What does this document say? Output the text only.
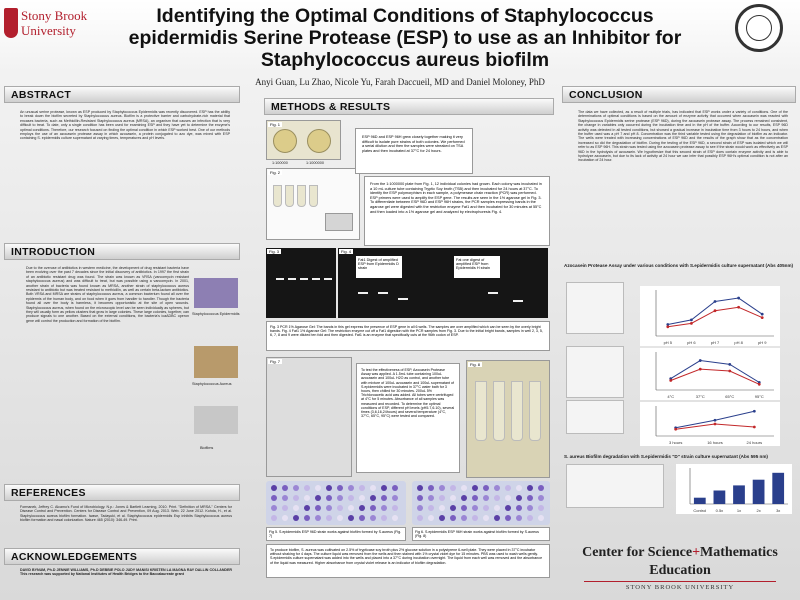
Stony Brook
University
Identifying the Optimal Conditions of Staphylococcus epidermidis Serine Protease (ESP) to use as an Inhibitor for Staphylococcus aureus biofilm
Anyi Guan, Lu Zhao, Nicole Yu, Farah Daccueil, MD and Daniel Moloney, PhD
ABSTRACT
An unusual serine protease, known as ESP produced by Staphylococcus Epidermidis was recently discovered. ESP has the ability to break down the biofilm secreted by Staphylococcus aureus. Biofilm is a protective barrier and carbohydrate-rich material that encases bacteria, such as Methicillin-Resistant Staphylococcus aureus (MRSA), an organism that causes an infection that is very difficult to treat. To date, only a single condition has been used for examining ESP and they have yet to determine the enzyme's optimal conditions. Therefore, our research focused on finding the optimal condition in which ESP worked best. One of our methods employs the use of an azocasein protease assay in which azocasein, a protein conjugated to azo dye, was mixed with ESP containing S. epidermidis culture supernatant at varying times, temperatures and pH levels.
INTRODUCTION
Due to the overuse of antibiotics in western medicine, the development of drug resistant bacteria have been evolving over the past 7 decades since the initial discovery of antibiotics. In 1997 the first strain of an antibiotic resistant drug was found. The strain was known as VRSA (vancomycin resistant staphylococcus aureus) and was difficult to treat, but was possible using a vancomycin. In 2001, another strain of bacteria was found known as MRSA, another strain of staphylococcus aureus resistant to antibiotic but was treated resistant to methicillin, as well as certain beta-lactam antibiotics. Both VRSA and MRSA are strains of staphylococcus aureus, a common bacterium found all over the epidermis of the human body, and on food when it goes from handler to handler. Though the bacteria found all over the body is harmless, it becomes opportunistic at the site of open wounds. Staphylococcus aureus, when found on the microscopic level can be seen individually as spheres, but they will usually form as yellow clusters that grow in large colonies. These large colonies, together, can produce signals to one another. Based on the external conditions, the bacteria's icaADBC operon gene will control the production and formation of the biofilm.
Staphylococcus Epidermidis
Staphylococcus Aureus
Biofilms
REFERENCES
Formanek, Jeffrey C. Alcamo's Fund of Microbiology. N.p.: Jones & Bartlett Learning, 2010. Print. "Definition of MRSA." Centers for Disease Control and Prevention. Centers for Disease Control and Prevention, 09 Aug. 2013. Web. 22 June 2012. Kohda, H., et al. Staphylococcus aureus biofilm formation. Iwase, Tadayuki, et al. Staphylococcus epidermidis Esp inhibits Staphylococcus aureus biofilm formation and nasal colonization. Nature 465 (2010): 346-49. Print.
ACKNOWLEDGEMENTS
DAVID BYNUM, Ph.D JENNIE WILLIAMS, Ph.D DEBBIE POLO JUDY MANISI KRISTEN LA MAGNA RAY DALLIN COLLANDER This research was supported by National Institutes of Health Bridges to the Baccalaureate grant
METHODS & RESULTS
Fig. 1
1:100000	1:1000000
Fig. 2
ESP 96D and ESP 96H grew closely together making it very difficult to isolate pure strains of both colonies. We performed a serial dilution and then the samples were streaked on TSA plates and then incubated at 37°C for 24 hours.
From the 1:1000000 plate from Fig. 1, 12 individual colonies had grown. Each colony was incubated in a 10 mL culture tube containing Tryptic Soy broth (TSB) and then incubated for 24 hours at 37°C. To identify the ESP polymorphism in each sample, a polymerase chain reaction (PCR) was performed. ESP primers were used to amplify the ESP gene. The results are seen in the 1% agarose gel in Fig. 3. To differentiate between ESP 96D and ESP 96H strains, the PCR samples expressing bands in the agarose gel were digested with the restriction enzyme Fat1 and then incubated for 30 minutes at 55°C and then loaded into a 1% agarose gel and analyzed by electrophoresis Fig. 4.
Fig. 3	Fig. 4
Fat1 Digest of amplified ESP from Epidermidis D strain
Fat one digest of amplified ESP from Epidermidis H strain
Fig. 3 PCR 1% Agarose Gel: The bands in this gel express the presence of ESP gene in all 6 wells. The samples are over amplified which can be seen by the overly bright bands. Fig. 4 Fat1 1% Agarose Gel: The restriction enzyme cut off a Fat1 digestion with the PCR samples from Fig. 3. Due to the initial bright bands, samples in well 2, 3, 5, 6, 7, 8 and 9 were diluted ten fold and then digested. Fat1 is an enzyme that specifically cuts at the 96th codon of ESP.
Fig. 7
To test the effectiveness of ESP, Azocasein Protease Assay was applied. A 1.5mL tube containing 100uL azocasein and 100uL H2O as control, and another tube with mixture of 100uL azocasein and 100uL supernatant of S.epidermidis were incubated in 37°C water bath for 3 hours, then chilled for 30 minutes. 200uL 5% Trichloroacetic acid was added. All tubes were centrifuged at 4°C for 5 minutes. Absorbance of all samples was measured and recorded. To determine the optimal conditions of ESP, different pH levels (pH5.7,6.10), several times (3,6,16,24hours) and several temperature (4°C, 37°C, 65°C, 95°C) were tested and compared.
Fig. 8
Fig 5. S.epidermidis ESP 96D strain works against biofilm formed by S.aureus (Fig. 7)
Fig 6. S.epidermidis ESP 96H strain works against biofilm formed by S.aureus (Fig. 8)
To produce biofilm, S. aureus was cultivated on 2.5% of trypticase soy broth plus 2% glucose solution in a polystyrene 6-well plate. They were placed in 37°C incubator without shaking for 4 days. The culture liquid was removed from the wells and then stained with 1% crystal violet dye for 15 minutes. PBS was used to wash wells gently. S.epidermidis culture supernatant was added into the wells and placed into a 37°C during incubation overnight. The liquid from each well was removed and the absorbance of the liquid was measured. Higher absorbance from crystal violet release is an indicator of biofilm degradation.
CONCLUSION
The data we have collected, as a result of multiple trials, has indicated that ESP works under a variety of conditions. One of the determinations of optimal conditions is based on the amount of enzyme activity that occurred when azocasein was reacted with Staphylococcus Epidermidis serine protease (ESP 96D), during the azocasein protease assay. The process remained consistent, the change in variables only occurred during the incubation time and in the pH of the buffer. According to our results, ESP 96D activity was detected in all tested conditions, but showed a gradual increase in incubation time from 3 hours to 24 hours, and when the buffer used was a pH 7 and pH 8. Concentration was the third variable tested using the degradation of biofilm as an indicator. The wells were treated with increasing concentrations of ESP 96D and the results of the graph show that as the concentration increased so did the degradation of biofilm. During the testing of the ESP 96D, a second strain of ESP was isolated which we will refer to as ESP 96H. This strain was tested using the azocasein protease assay to see if the strain would work as effectively as ESP 96D in the hydrolysis of azocasein. We hypothesize that this second strain of ESP does contain enzyme activity and is able to hydrolyze azocasein, but due to its lack of activity at 24 hour we can infer that possibly ESP 96H's optimal condition is not after an incubation of 24 hour.
Azocasein Protease Assay under various conditions with S.epidermidis culture supernatant (Abs 405nm)
pH 5	pH 6	pH 7	pH 8	pH 9
4°C	37°C	65°C	95°C
3 hours	16 hours	24 hours
S. aureus Biofilm degradation with S.epidermidis "D" strain culture supernatant (Abs 595 nm)
Control 0.5x	1x	2x	3x
Center for Science+Mathematics Education
STONY BROOK UNIVERSITY
